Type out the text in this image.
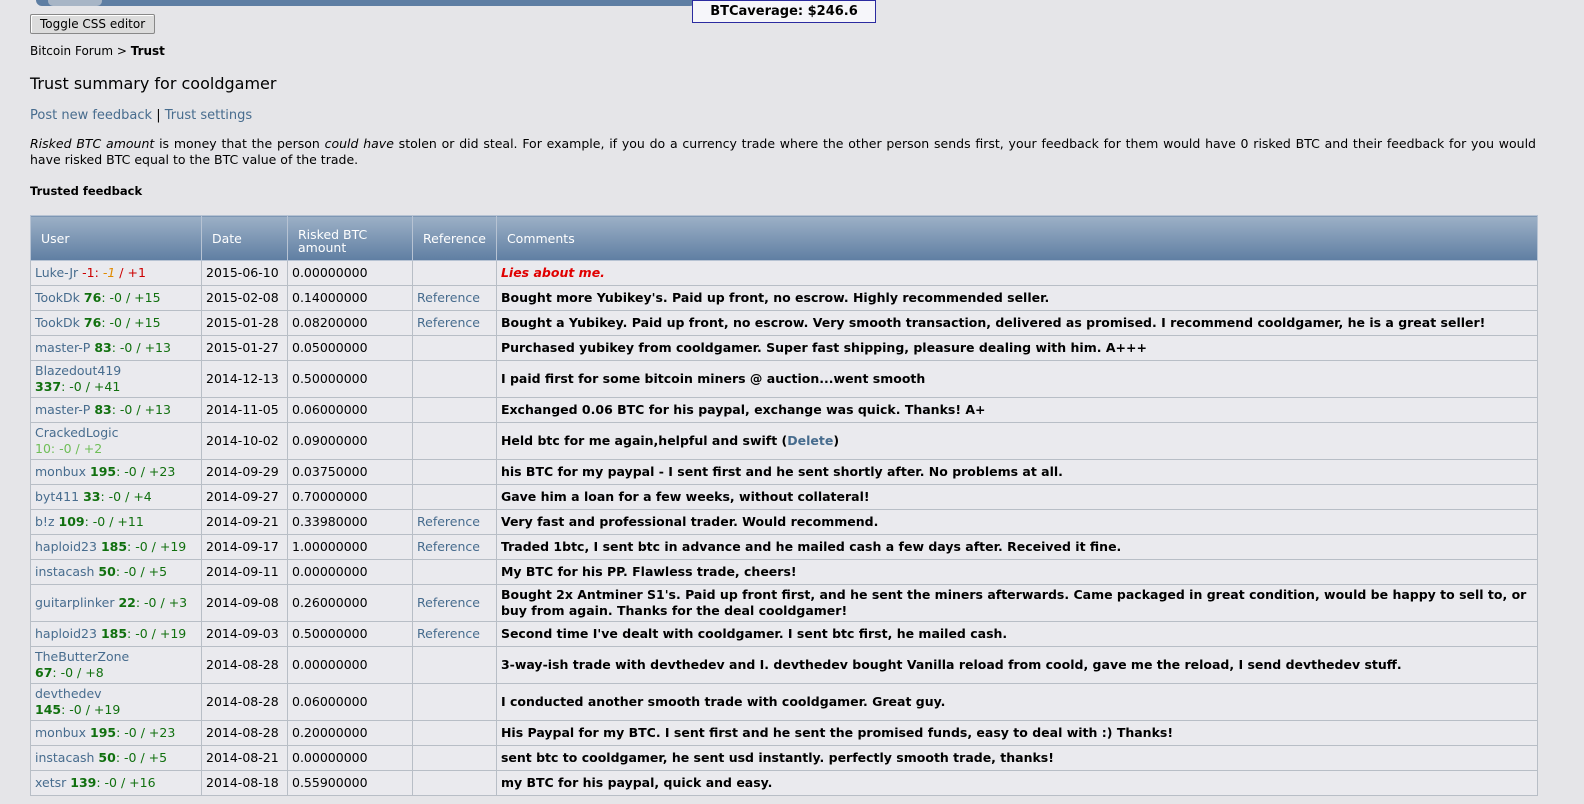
BTCaverage: $246.6
Toggle CSS editor
Bitcoin Forum > Trust
Trust summary for cooldgamer
Post new feedback | Trust settings
Risked BTC amount is money that the person could have stolen or did steal. For example, if you do a currency trade where the other person sends first, your feedback for them would have 0 risked BTC and their feedback for you would have risked BTC equal to the BTC value of the trade.
Trusted feedback
User	Date	Risked BTC amount	Reference	Comments
Luke-Jr -1: -1 / +1	2015-06-10	0.00000000		Lies about me.
TookDk 76: -0 / +15	2015-02-08	0.14000000	Reference	Bought more Yubikey's. Paid up front, no escrow. Highly recommended seller.
TookDk 76: -0 / +15	2015-01-28	0.08200000	Reference	Bought a Yubikey. Paid up front, no escrow. Very smooth transaction, delivered as promised. I recommend cooldgamer, he is a great seller!
master-P 83: -0 / +13	2015-01-27	0.05000000		Purchased yubikey from cooldgamer. Super fast shipping, pleasure dealing with him. A+++
Blazedout419
337: -0 / +41	2014-12-13	0.50000000		I paid first for some bitcoin miners @ auction...went smooth
master-P 83: -0 / +13	2014-11-05	0.06000000		Exchanged 0.06 BTC for his paypal, exchange was quick. Thanks! A+
CrackedLogic
10: -0 / +2	2014-10-02	0.09000000		Held btc for me again,helpful and swift (Delete)
monbux 195: -0 / +23	2014-09-29	0.03750000		his BTC for my paypal - I sent first and he sent shortly after. No problems at all.
byt411 33: -0 / +4	2014-09-27	0.70000000		Gave him a loan for a few weeks, without collateral!
b!z 109: -0 / +11	2014-09-21	0.33980000	Reference	Very fast and professional trader. Would recommend.
haploid23 185: -0 / +19	2014-09-17	1.00000000	Reference	Traded 1btc, I sent btc in advance and he mailed cash a few days after. Received it fine.
instacash 50: -0 / +5	2014-09-11	0.00000000		My BTC for his PP. Flawless trade, cheers!
guitarplinker 22: -0 / +3	2014-09-08	0.26000000	Reference	Bought 2x Antminer S1's. Paid up front first, and he sent the miners afterwards. Came packaged in great condition, would be happy to sell to, or buy from again. Thanks for the deal cooldgamer!
haploid23 185: -0 / +19	2014-09-03	0.50000000	Reference	Second time I've dealt with cooldgamer. I sent btc first, he mailed cash.
TheButterZone
67: -0 / +8	2014-08-28	0.00000000		3-way-ish trade with devthedev and I. devthedev bought Vanilla reload from coold, gave me the reload, I send devthedev stuff.
devthedev
145: -0 / +19	2014-08-28	0.06000000		I conducted another smooth trade with cooldgamer. Great guy.
monbux 195: -0 / +23	2014-08-28	0.20000000		His Paypal for my BTC. I sent first and he sent the promised funds, easy to deal with :) Thanks!
instacash 50: -0 / +5	2014-08-21	0.00000000		sent btc to cooldgamer, he sent usd instantly. perfectly smooth trade, thanks!
xetsr 139: -0 / +16	2014-08-18	0.55900000		my BTC for his paypal, quick and easy.
